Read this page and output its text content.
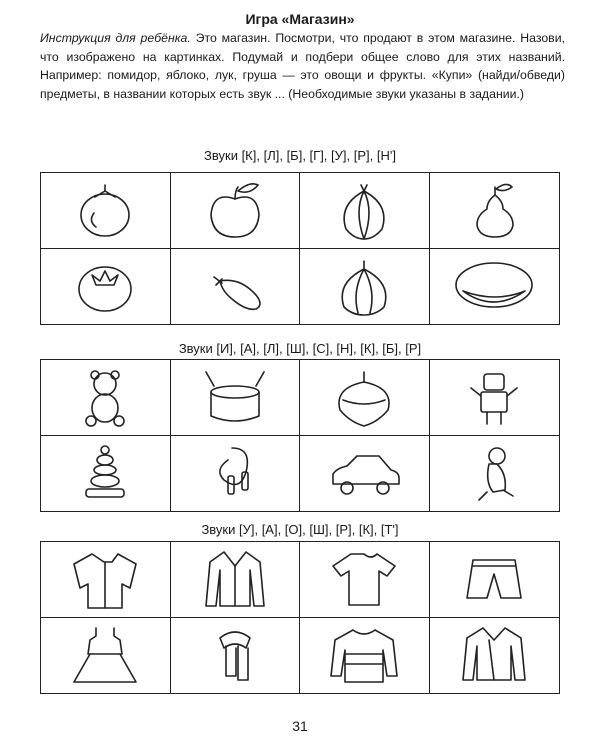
Игра «Магазин»
Инструкция для ребёнка. Это магазин. Посмотри, что продают в этом магазине. Назови, что изображено на картинках. Подумай и подбери общее слово для этих названий. Например: помидор, яблоко, лук, груша — это овощи и фрукты. «Купи» (найди/обведи) предметы, в названии которых есть звук ... (Необходимые звуки указаны в задании.)
Звуки [К], [Л], [Б], [Г], [У], [Р], [Н']
Звуки [И], [А], [Л], [Ш], [С], [Н], [К], [Б], [Р]
Звуки [У], [А], [О], [Ш], [Р], [К], [Т']
31
